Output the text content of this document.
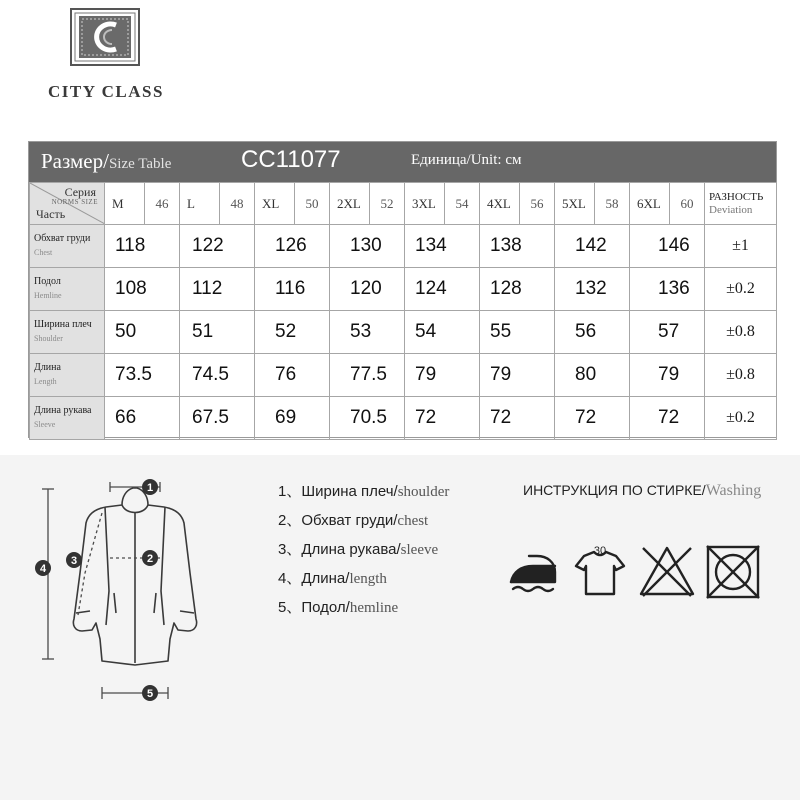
CITY CLASS
Размер/Size Table	CC11077	Единица/Unit: см
Серия
NORMS SIZE
Часть	M	46	L	48	XL	50	2XL	52	3XL	54	4XL	56	5XL	58	6XL	60	РАЗНОСТЬ
Deviation

Обхват груди
Chest	118		122		126		130		134		138		142		146		±1

Подол
Hemline	108		112		116		120		124		128		132		136		±0.2

Ширина плеч
Shoulder	50		51		52		53		54		55		56		57		±0.8

Длина
Length	73.5		74.5		76		77.5		79		79		80		79		±0.8

Длина рукава
Sleeve	66		67.5		69		70.5		72		72		72		72		±0.2
1
2
3
4
5
1、Ширина плеч/shoulder
2、Обхват груди/chest
3、Длина рукава/sleeve
4、Длина/length
5、Подол/hemline
ИНСТРУКЦИЯ ПО СТИРКЕ/Washing
30
